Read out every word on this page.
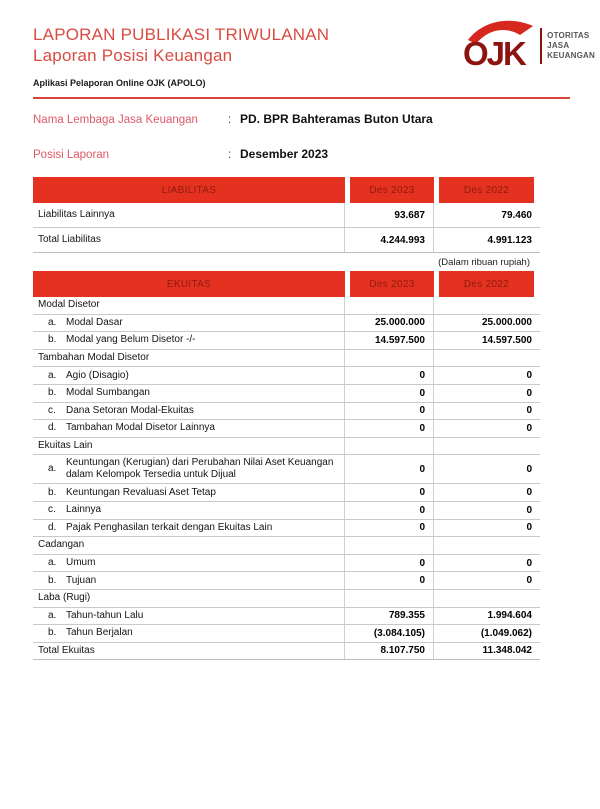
OJK	OTORITAS
JASA
KEUANGAN
LAPORAN PUBLIKASI TRIWULANAN
Laporan Posisi Keuangan
Aplikasi Pelaporan Online OJK (APOLO)
Nama Lembaga Jasa Keuangan	: PD. BPR Bahteramas Buton Utara
Posisi Laporan	: Desember 2023
LIABILITAS	Des 2023	Des 2022
Liabilitas Lainnya	93.687	79.460
Total Liabilitas	4.244.993	4.991.123
(Dalam ribuan rupiah)
EKUITAS	Des 2023	Des 2022
Modal Disetor
a. Modal Dasar	25.000.000	25.000.000
b. Modal yang Belum Disetor -/-	14.597.500	14.597.500
Tambahan Modal Disetor
a. Agio (Disagio)	0	0
b. Modal Sumbangan	0	0
c.	Dana Setoran Modal-Ekuitas	0	0
d. Tambahan Modal Disetor Lainnya	0	0
Ekuitas Lain
a.
Keuntungan (Kerugian) dari Perubahan Nilai Aset Keuangan dalam Kelompok Tersedia untuk Dijual	0	0
b. Keuntungan Revaluasi Aset Tetap	0	0
c.	Lainnya	0	0
d. Pajak Penghasilan terkait dengan Ekuitas Lain	0	0
Cadangan
a. Umum	0	0
b. Tujuan	0	0
Laba (Rugi)
a. Tahun-tahun Lalu	789.355	1.994.604
b. Tahun Berjalan	(3.084.105)	(1.049.062)
Total Ekuitas	8.107.750	11.348.042
